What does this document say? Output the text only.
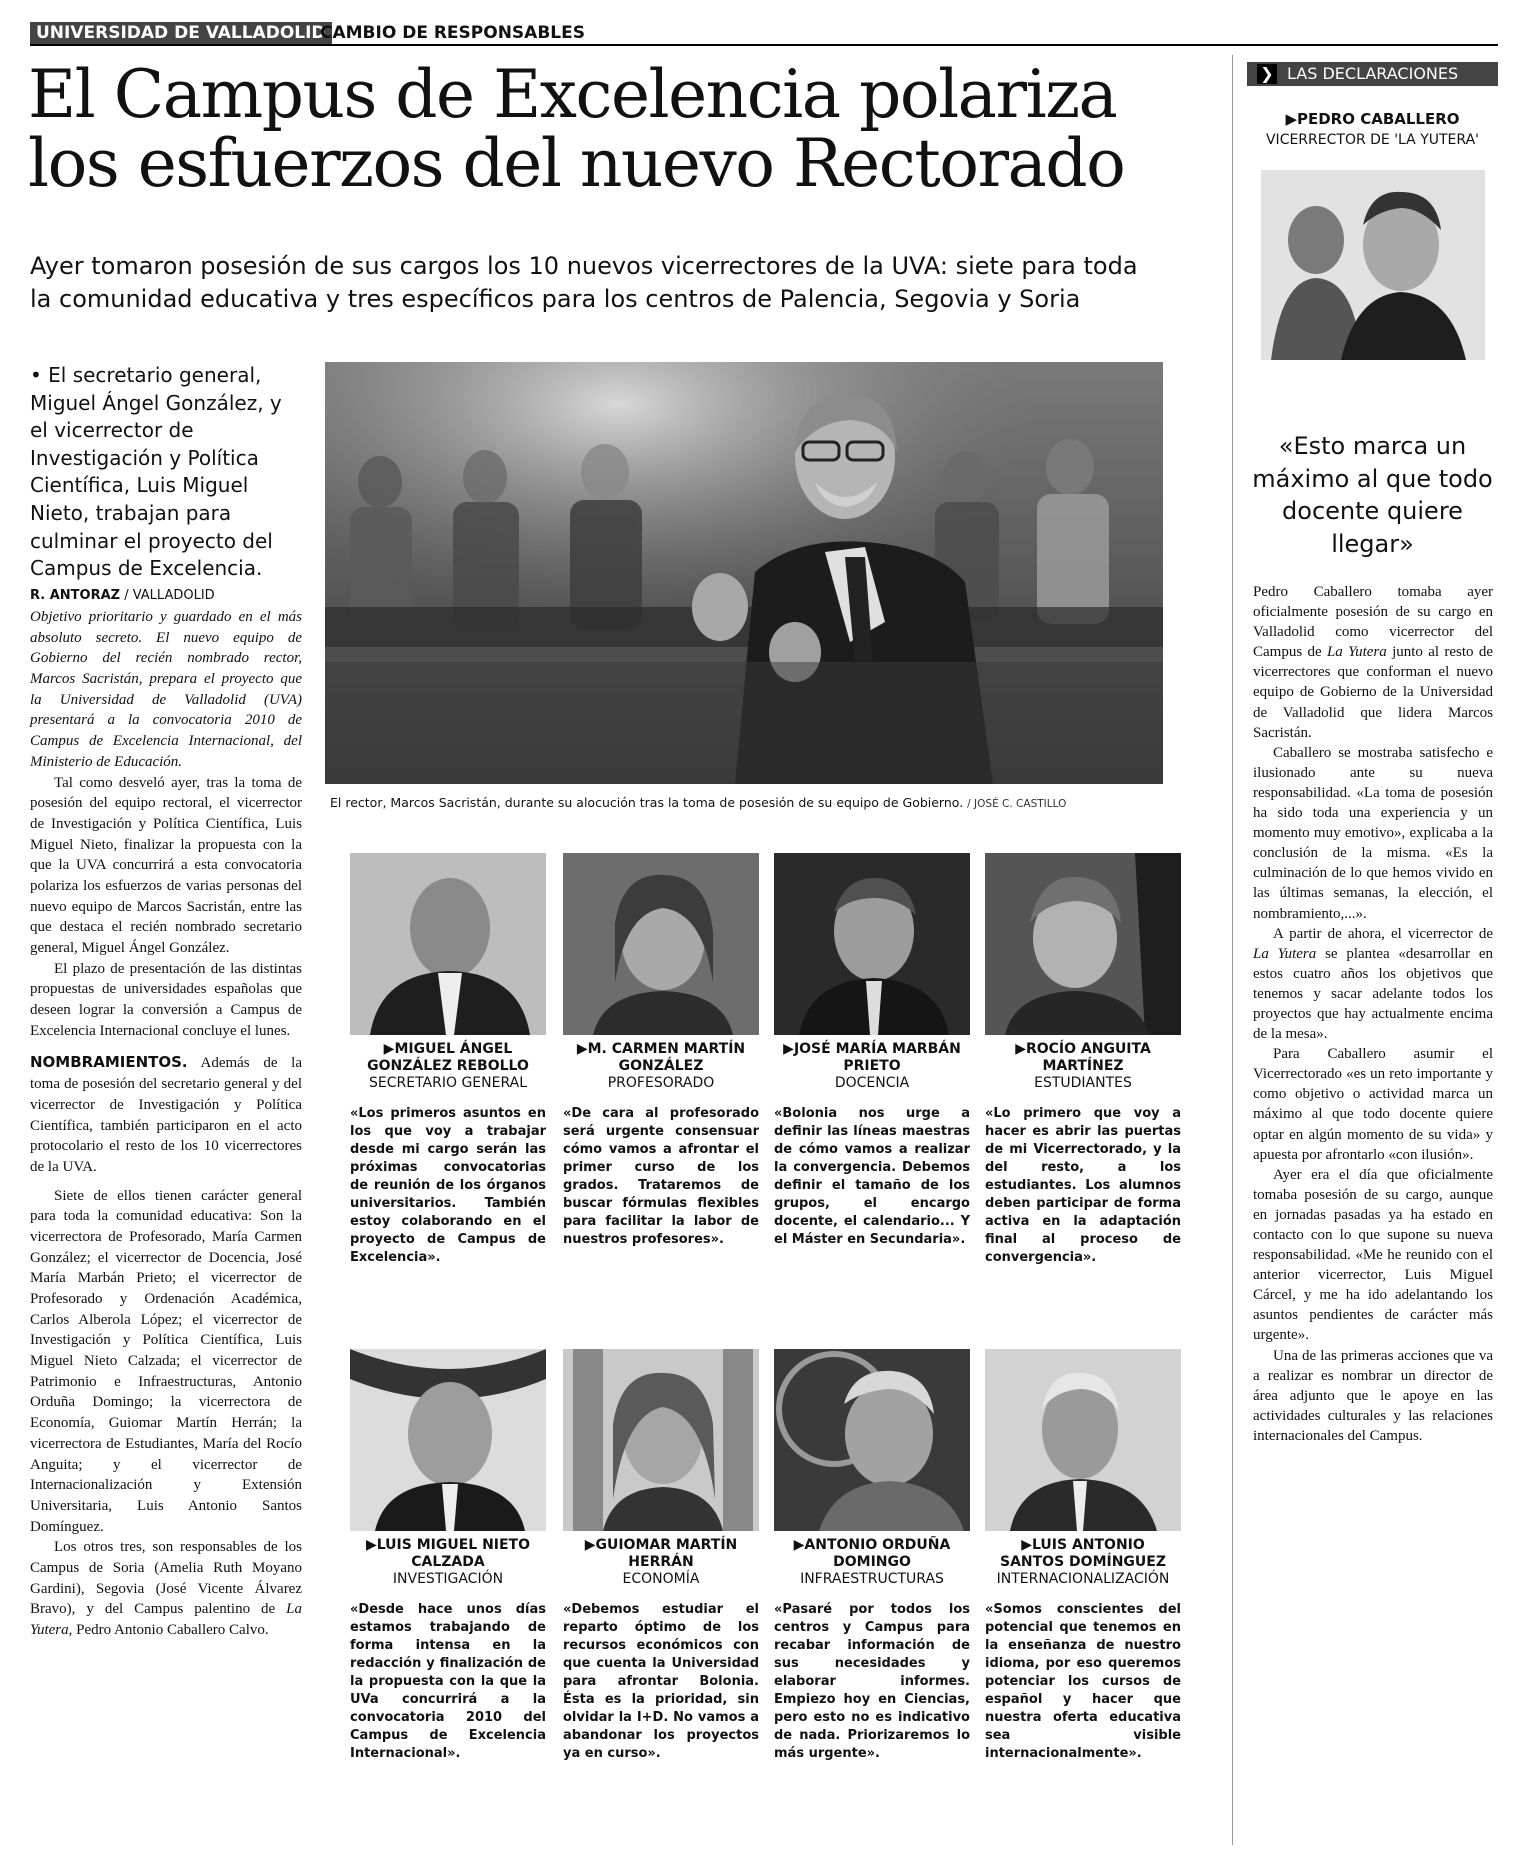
UNIVERSIDAD DE VALLADOLID
CAMBIO DE RESPONSABLES
El Campus de Excelencia polariza
los esfuerzos del nuevo Rectorado
Ayer tomaron posesión de sus cargos los 10 nuevos vicerrectores de la UVA: siete para toda
la comunidad educativa y tres específicos para los centros de Palencia, Segovia y Soria
• El secretario general, Miguel Ángel González, y el vicerrector de Investigación y Política Científica, Luis Miguel Nieto, trabajan para culminar el proyecto del Campus de Excelencia.
R. ANTORAZ / VALLADOLID

Objetivo prioritario y guardado en el más absoluto secreto. El nuevo equipo de Gobierno del recién nombrado rector, Marcos Sacristán, prepara el proyecto que la Universidad de Valladolid (UVA) presentará a la convocatoria 2010 de Campus de Excelencia Internacional, del Ministerio de Educación.

Tal como desveló ayer, tras la toma de posesión del equipo rectoral, el vicerrector de Investigación y Política Científica, Luis Miguel Nieto, finalizar la propuesta con la que la UVA concurrirá a esta convocatoria polariza los esfuerzos de varias personas del nuevo equipo de Marcos Sacristán, entre las que destaca el recién nombrado secretario general, Miguel Ángel González.

El plazo de presentación de las distintas propuestas de universidades españolas que deseen lograr la conversión a Campus de Excelencia Internacional concluye el lunes.

NOMBRAMIENTOS. Además de la toma de posesión del secretario general y del vicerrector de Investigación y Política Científica, también participaron en el acto protocolario el resto de los 10 vicerrectores de la UVA.

Siete de ellos tienen carácter general para toda la comunidad educativa: Son la vicerrectora de Profesorado, María Carmen González; el vicerrector de Docencia, José María Marbán Prieto; el vicerrector de Profesorado y Ordenación Académica, Carlos Alberola López; el vicerrector de Investigación y Política Científica, Luis Miguel Nieto Calzada; el vicerrector de Patrimonio e Infraestructuras, Antonio Orduña Domingo; la vicerrectora de Economía, Guiomar Martín Herrán; la vicerrectora de Estudiantes, María del Rocío Anguita; y el vicerrector de Internacionalización y Extensión Universitaria, Luis Antonio Santos Domínguez.

Los otros tres, son responsables de los Campus de Soria (Amelia Ruth Moyano Gardini), Segovia (José Vicente Álvarez Bravo), y del Campus palentino de La Yutera, Pedro Antonio Caballero Calvo.

El rector, Marcos Sacristán, durante su alocución tras la toma de posesión de su equipo de Gobierno. / JOSÉ C. CASTILLO
▶MIGUEL ÁNGEL
GONZÁLEZ REBOLLO
SECRETARIO GENERAL
«Los primeros asuntos en los que voy a trabajar desde mi cargo serán las próximas convocatorias de reunión de los órganos universitarios. También estoy colaborando en el proyecto de Campus de Excelencia».
▶M. CARMEN MARTÍN
GONZÁLEZ
PROFESORADO
«De cara al profesorado será urgente consensuar cómo vamos a afrontar el primer curso de los grados. Trataremos de buscar fórmulas flexibles para facilitar la labor de nuestros profesores».
▶JOSÉ MARÍA MARBÁN
PRIETO
DOCENCIA
«Bolonia nos urge a definir las líneas maestras de cómo vamos a realizar la convergencia. Debemos definir el tamaño de los grupos, el encargo docente, el calendario... Y el Máster en Secundaria».
▶ROCÍO ANGUITA
MARTÍNEZ
ESTUDIANTES
«Lo primero que voy a hacer es abrir las puertas de mi Vicerrectorado, y la del resto, a los estudiantes. Los alumnos deben participar de forma activa en la adaptación final al proceso de convergencia».
▶LUIS MIGUEL NIETO
CALZADA
INVESTIGACIÓN
«Desde hace unos días estamos trabajando de forma intensa en la redacción y finalización de la propuesta con la que la UVa concurrirá a la convocatoria 2010 del Campus de Excelencia Internacional».
▶GUIOMAR MARTÍN
HERRÁN
ECONOMÍA
«Debemos estudiar el reparto óptimo de los recursos económicos con que cuenta la Universidad para afrontar Bolonia. Ésta es la prioridad, sin olvidar la I+D. No vamos a abandonar los proyectos ya en curso».
▶ANTONIO ORDUÑA
DOMINGO
INFRAESTRUCTURAS
«Pasaré por todos los centros y Campus para recabar información de sus necesidades y elaborar informes. Empiezo hoy en Ciencias, pero esto no es indicativo de nada. Priorizaremos lo más urgente».
▶LUIS ANTONIO
SANTOS DOMÍNGUEZ
INTERNACIONALIZACIÓN
«Somos conscientes del potencial que tenemos en la enseñanza de nuestro idioma, por eso queremos potenciar los cursos de español y hacer que nuestra oferta educativa sea visible internacionalmente».
❯ LAS DECLARACIONES
▶PEDRO CABALLERO
VICERRECTOR DE 'LA YUTERA'
«Esto marca un máximo al que todo docente quiere llegar»

Pedro Caballero tomaba ayer oficialmente posesión de su cargo en Valladolid como vicerrector del Campus de La Yutera junto al resto de vicerrectores que conforman el nuevo equipo de Gobierno de la Universidad de Valladolid que lidera Marcos Sacristán.

Caballero se mostraba satisfecho e ilusionado ante su nueva responsabilidad. «La toma de posesión ha sido toda una experiencia y un momento muy emotivo», explicaba a la conclusión de la misma. «Es la culminación de lo que hemos vivido en las últimas semanas, la elección, el nombramiento,...».

A partir de ahora, el vicerrector de La Yutera se plantea «desarrollar en estos cuatro años los objetivos que tenemos y sacar adelante todos los proyectos que hay actualmente encima de la mesa».

Para Caballero asumir el Vicerrectorado «es un reto importante y como objetivo o actividad marca un máximo al que todo docente quiere optar en algún momento de su vida» y apuesta por afrontarlo «con ilusión».

Ayer era el día que oficialmente tomaba posesión de su cargo, aunque en jornadas pasadas ya ha estado en contacto con lo que supone su nueva responsabilidad. «Me he reunido con el anterior vicerrector, Luis Miguel Cárcel, y me ha ido adelantando los asuntos pendientes de carácter más urgente».

Una de las primeras acciones que va a realizar es nombrar un director de área adjunto que le apoye en las actividades culturales y las relaciones internacionales del Campus.
